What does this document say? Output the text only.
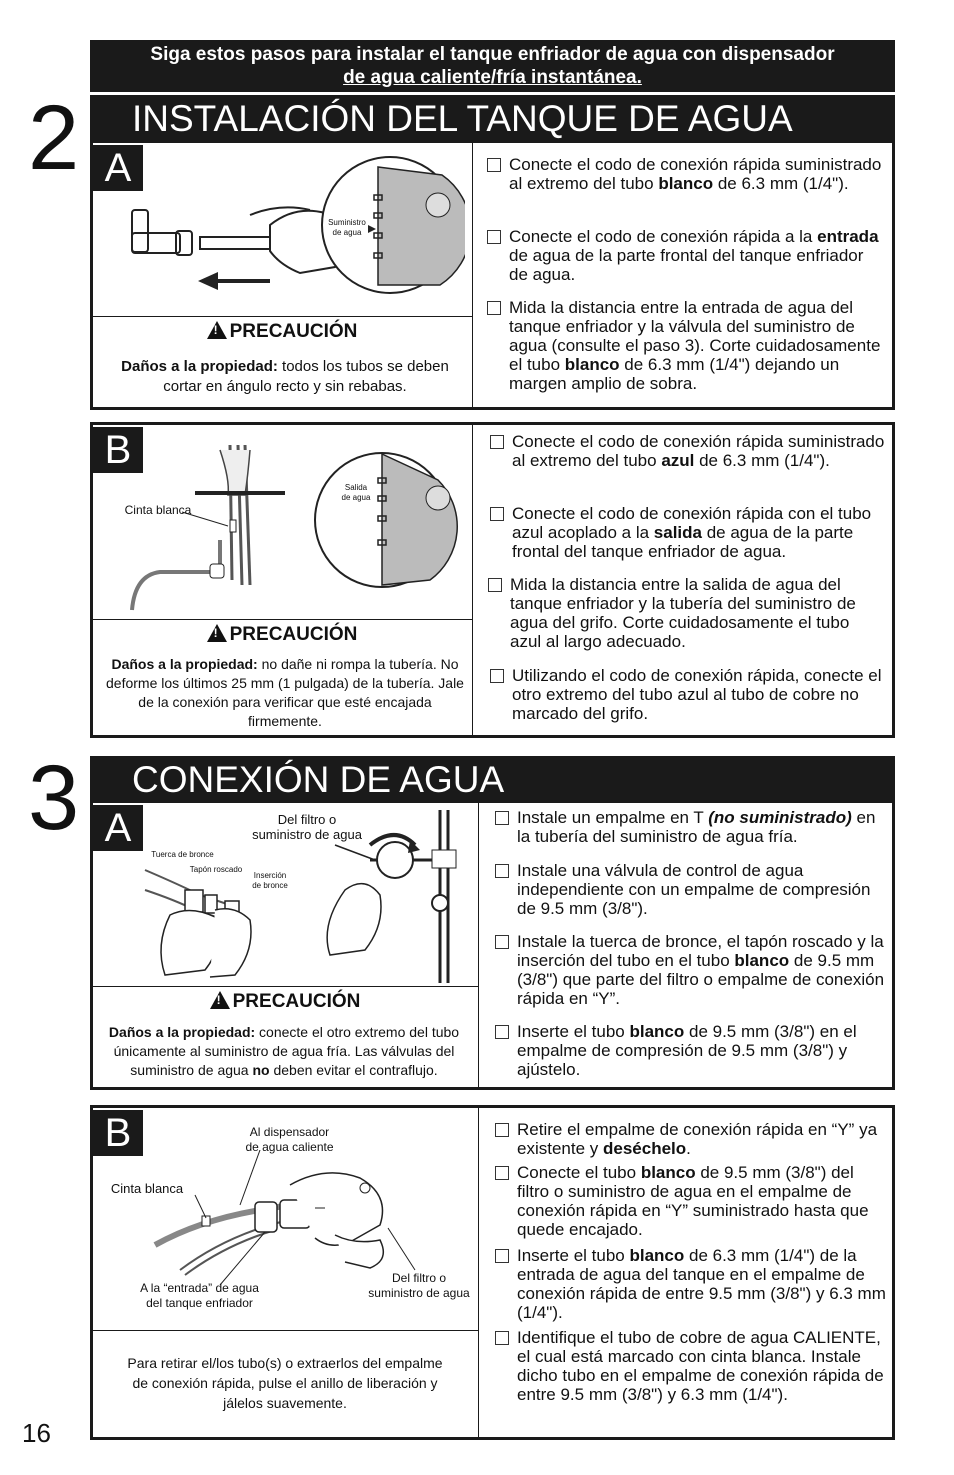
Siga estos pasos para instalar el tanque enfriador de agua con dispensador
de agua caliente/fría instantánea.
2	INSTALACIÓN DEL TANQUE DE AGUA
A
Suministro
de agua
!PRECAUCIÓN
Daños a la propiedad: todos los tubos se deben cortar en ángulo recto y sin rebabas.
Conecte el codo de conexión rápida suministrado al extremo del tubo blanco de 6.3 mm (1/4").
Conecte el codo de conexión rápida a la entrada de agua de la parte frontal del tanque enfriador de agua.
Mida la distancia entre la entrada de agua del tanque enfriador y la válvula del suministro de agua (consulte el paso 3). Corte cuidadosamente el tubo blanco de 6.3 mm (1/4") dejando un margen amplio de sobra.
B
Cinta blanca
Salida
de agua
!PRECAUCIÓN
Daños a la propiedad: no dañe ni rompa la tubería. No deforme los últimos 25 mm (1 pulgada) de la tubería. Jale de la conexión para verificar que esté encajada firmemente.
Conecte el codo de conexión rápida suministrado al extremo del tubo azul de 6.3 mm (1/4").
Conecte el codo de conexión rápida con el tubo azul acoplado a la salida de agua de la parte frontal del tanque enfriador de agua.
Mida la distancia entre la salida de agua del tanque enfriador y la tubería del suministro de agua del grifo. Corte cuidadosamente el tubo azul al largo adecuado.
Utilizando el codo de conexión rápida, conecte el otro extremo del tubo azul al tubo de cobre no marcado del grifo.
3	CONEXIÓN DE AGUA
A	Del filtro o
suministro de agua
Tuerca de bronce
Tapón roscado
Inserción
de bronce
!PRECAUCIÓN
Daños a la propiedad: conecte el otro extremo del tubo únicamente al suministro de agua fría. Las válvulas del suministro de agua no deben evitar el contraflujo.
Instale un empalme en T (no suministrado) en la tubería del suministro de agua fría.
Instale una válvula de control de agua independiente con un empalme de compresión de 9.5 mm (3/8").
Instale la tuerca de bronce, el tapón roscado y la inserción del tubo en el tubo blanco de 9.5 mm (3/8") que parte del filtro o empalme de conexión rápida en “Y”.
Inserte el tubo blanco de 9.5 mm (3/8") en el empalme de compresión de 9.5 mm (3/8") y ajústelo.
B	Al dispensador
de agua caliente
Cinta blanca
A la “entrada” de agua
del tanque enfriador
Del filtro o
suministro de agua
Para retirar el/los tubo(s) o extraerlos del empalme de conexión rápida, pulse el anillo de liberación y jálelos suavemente.
Retire el empalme de conexión rápida en “Y” ya existente y deséchelo.
Conecte el tubo blanco de 9.5 mm (3/8") del filtro o suministro de agua en el empalme de conexión rápida en “Y” suministrado hasta que quede encajado.
Inserte el tubo blanco de 6.3 mm (1/4") de la entrada de agua del tanque en el empalme de conexión rápida de entre 9.5 mm (3/8") y 6.3 mm (1/4").
Identifique el tubo de cobre de agua CALIENTE, el cual está marcado con cinta blanca. Instale dicho tubo en el empalme de conexión rápida de entre 9.5 mm (3/8") y 6.3 mm (1/4").
16
